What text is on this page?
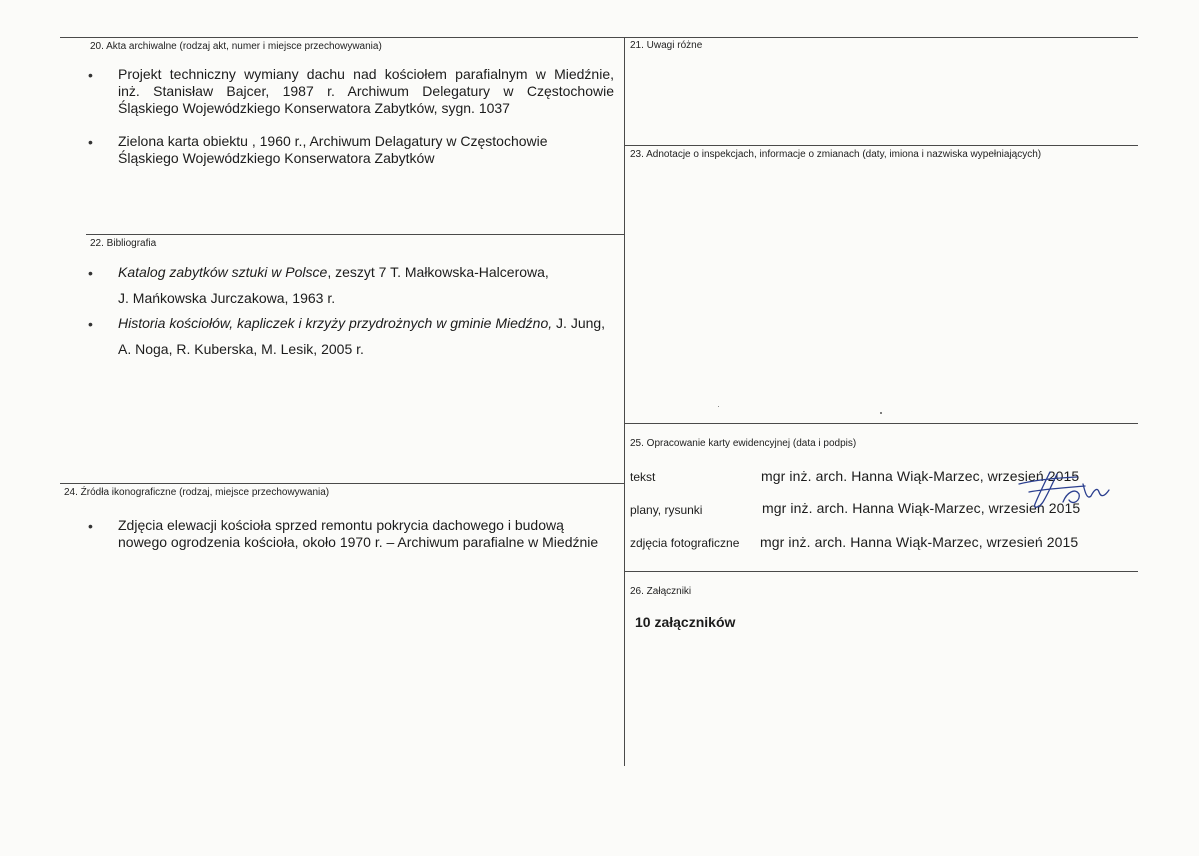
20. Akta archiwalne (rodzaj akt, numer i miejsce przechowywania)
• Projekt techniczny wymiany dachu nad kościołem parafialnym w Miedźnie,
inż. Stanisław Bajcer, 1987 r. Archiwum Delegatury w Częstochowie
Śląskiego Wojewódzkiego Konserwatora Zabytków, sygn. 1037
• Zielona karta obiektu , 1960 r., Archiwum Delagatury w Częstochowie
Śląskiego Wojewódzkiego Konserwatora Zabytków
21. Uwagi różne
23. Adnotacje o inspekcjach, informacje o zmianach (daty, imiona i nazwiska wypełniających)
22. Bibliografia
• Katalog zabytków sztuki w Polsce, zeszyt 7 T. Małkowska-Halcerowa,
J. Mańkowska Jurczakowa, 1963 r.
• Historia kościołów, kapliczek i krzyży przydrożnych w gminie Miedźno, J. Jung,
A. Noga, R. Kuberska, M. Lesik, 2005 r.
24. Źródła ikonograficzne (rodzaj, miejsce przechowywania)
• Zdjęcia elewacji kościoła sprzed remontu pokrycia dachowego i budową
nowego ogrodzenia kościoła, około 1970 r. – Archiwum parafialne w Miedźnie
25. Opracowanie karty ewidencyjnej (data i podpis)
tekst	mgr inż. arch. Hanna Wiąk-Marzec, wrzesień 2015
plany, rysunki	mgr inż. arch. Hanna Wiąk-Marzec, wrzesień 2015
zdjęcia fotograficzne mgr inż. arch. Hanna Wiąk-Marzec, wrzesień 2015
26. Załączniki
10 załączników
